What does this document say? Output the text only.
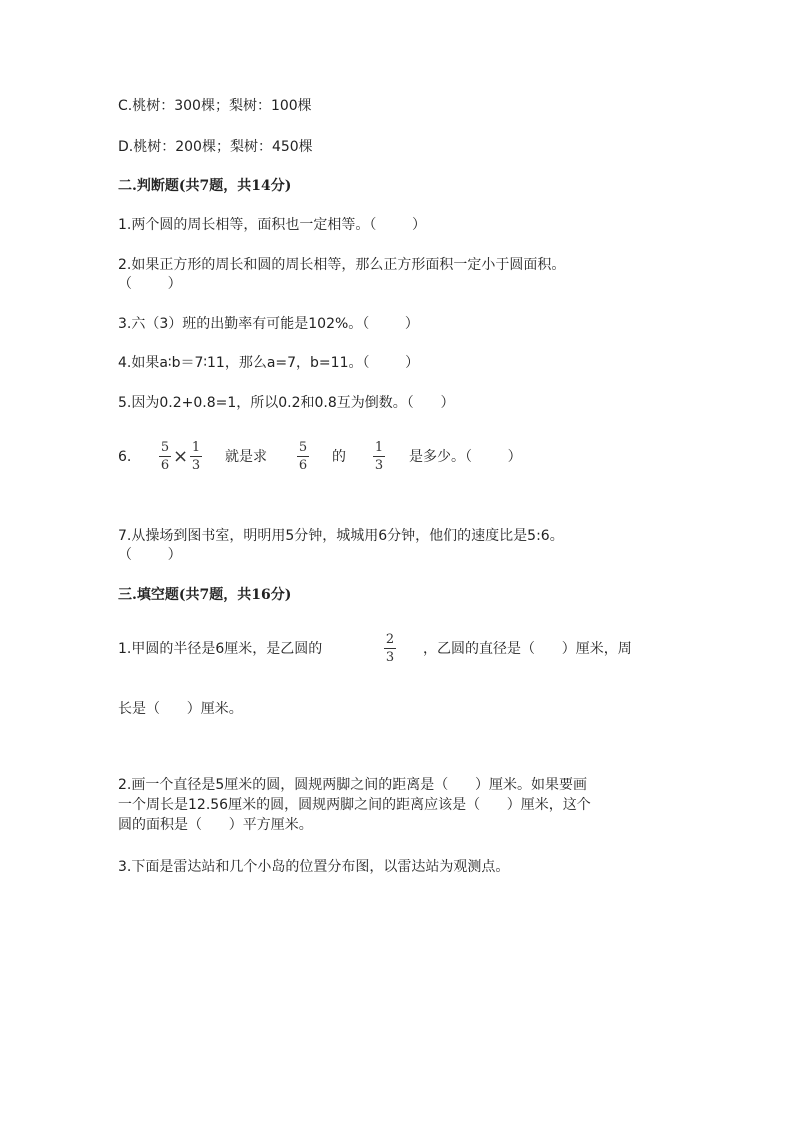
C.桃树：300棵；梨树：100棵
D.桃树：200棵；梨树：450棵
二.判断题(共7题，共14分)
1.两个圆的周长相等，面积也一定相等。（        ）
2.如果正方形的周长和圆的周长相等，那么正方形面积一定小于圆面积。
（        ）
3.六（3）班的出勤率有可能是102%。（        ）
4.如果a∶b＝7∶11，那么a=7，b=11。（        ）
5.因为0.2+0.8=1，所以0.2和0.8互为倒数。（      ）
6.
5
6 × 1
3
就是求
5
6
的
1
3
是多少。（        ）
7.从操场到图书室，明明用5分钟，城城用6分钟，他们的速度比是5:6。
（        ）
三.填空题(共7题，共16分)
1.甲圆的半径是6厘米，是乙圆的
2
3
，乙圆的直径是（      ）厘米，周
长是（      ）厘米。
2.画一个直径是5厘米的圆，圆规两脚之间的距离是（      ）厘米。如果要画
一个周长是12.56厘米的圆，圆规两脚之间的距离应该是（      ）厘米，这个
圆的面积是（      ）平方厘米。
3.下面是雷达站和几个小岛的位置分布图，以雷达站为观测点。
